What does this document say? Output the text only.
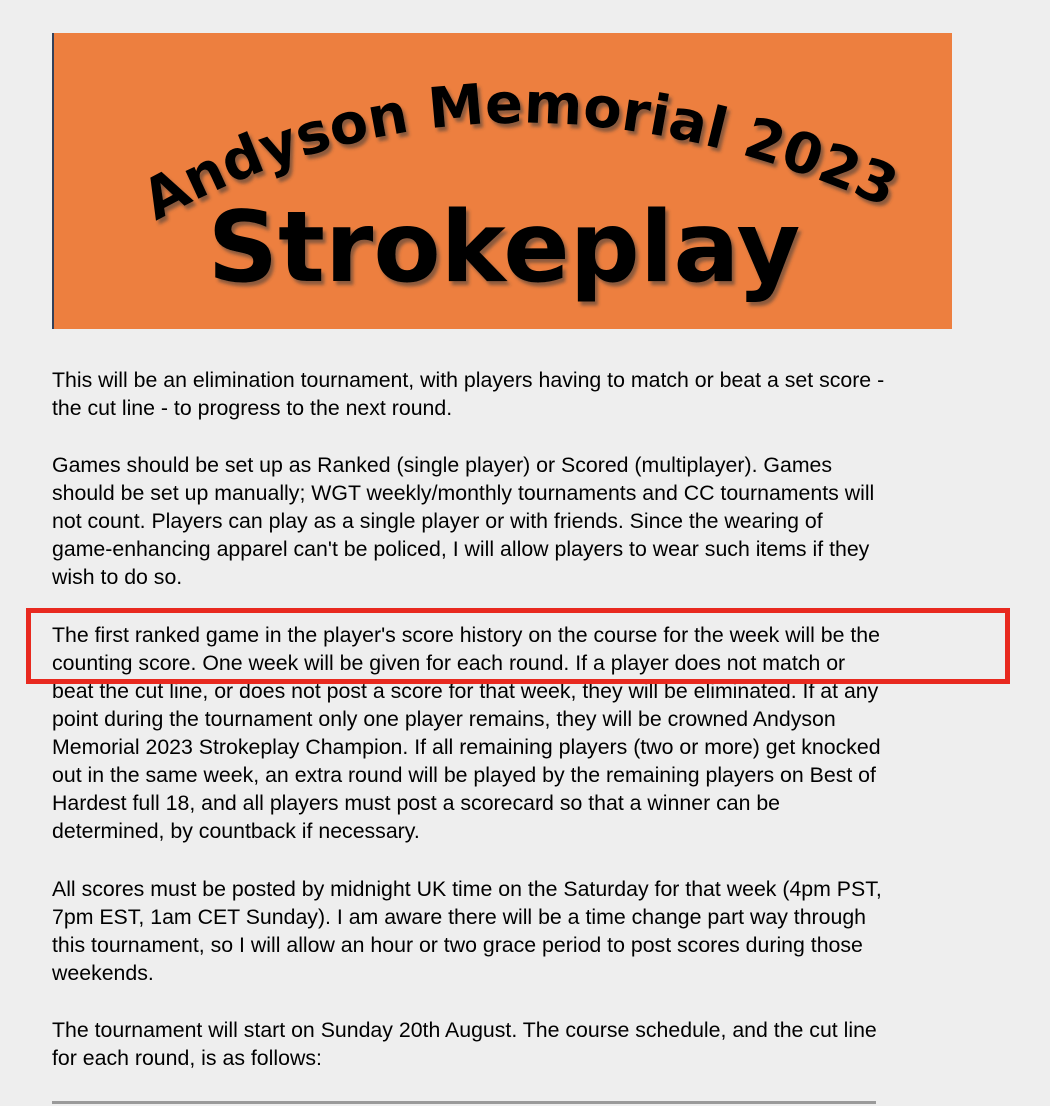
Andyson Memorial 2023
Strokeplay

This will be an elimination tournament, with players having to match or beat a set score -
the cut line - to progress to the next round.

Games should be set up as Ranked (single player) or Scored (multiplayer). Games
should be set up manually; WGT weekly/monthly tournaments and CC tournaments will
not count. Players can play as a single player or with friends. Since the wearing of
game-enhancing apparel can't be policed, I will allow players to wear such items if they
wish to do so.

The first ranked game in the player's score history on the course for the week will be the
counting score. One week will be given for each round. If a player does not match or
beat the cut line, or does not post a score for that week, they will be eliminated. If at any
point during the tournament only one player remains, they will be crowned Andyson
Memorial 2023 Strokeplay Champion. If all remaining players (two or more) get knocked
out in the same week, an extra round will be played by the remaining players on Best of
Hardest full 18, and all players must post a scorecard so that a winner can be
determined, by countback if necessary.

All scores must be posted by midnight UK time on the Saturday for that week (4pm PST,
7pm EST, 1am CET Sunday). I am aware there will be a time change part way through
this tournament, so I will allow an hour or two grace period to post scores during those
weekends.

The tournament will start on Sunday 20th August. The course schedule, and the cut line
for each round, is as follows:
